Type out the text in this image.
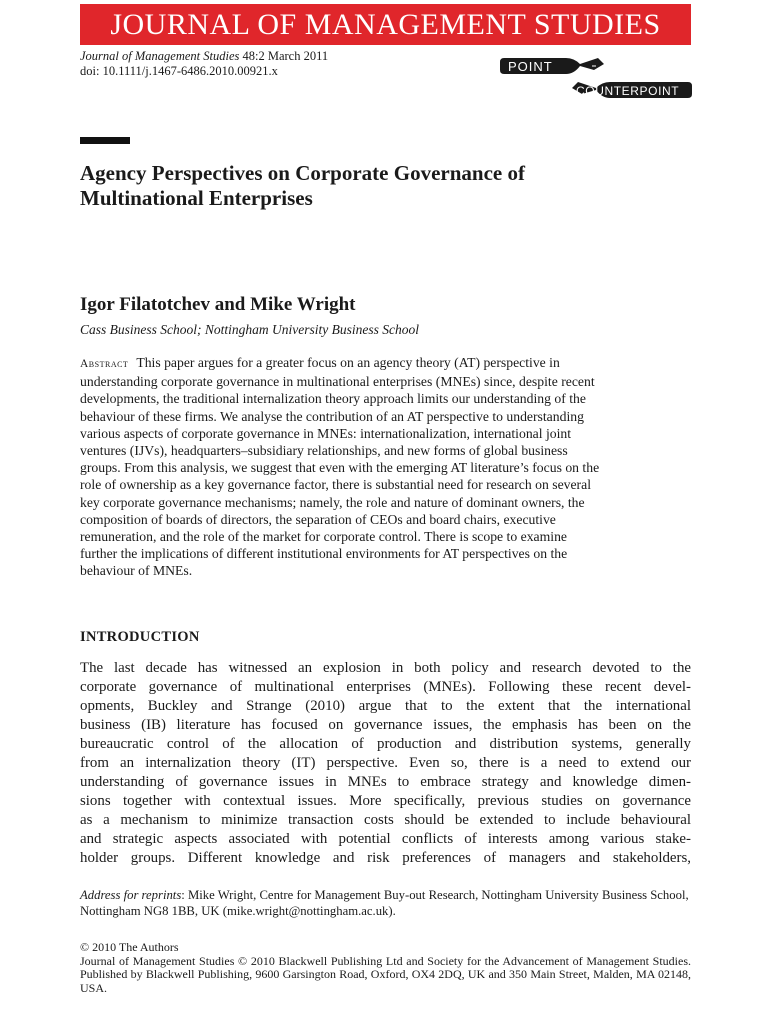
JOURNAL OF MANAGEMENT STUDIES
Journal of Management Studies 48:2 March 2011
doi: 10.1111/j.1467-6486.2010.00921.x	POINT
COUNTERPOINT
Agency Perspectives on Corporate Governance of
Multinational Enterprises
Igor Filatotchev and Mike Wright
Cass Business School; Nottingham University Business School

Abstract This paper argues for a greater focus on an agency theory (AT) perspective in
understanding corporate governance in multinational enterprises (MNEs) since, despite recent
developments, the traditional internalization theory approach limits our understanding of the
behaviour of these firms. We analyse the contribution of an AT perspective to understanding
various aspects of corporate governance in MNEs: internationalization, international joint
ventures (IJVs), headquarters–subsidiary relationships, and new forms of global business
groups. From this analysis, we suggest that even with the emerging AT literature’s focus on the
role of ownership as a key governance factor, there is substantial need for research on several
key corporate governance mechanisms; namely, the role and nature of dominant owners, the
composition of boards of directors, the separation of CEOs and board chairs, executive
remuneration, and the role of the market for corporate control. There is scope to examine
further the implications of different institutional environments for AT perspectives on the
behaviour of MNEs.

INTRODUCTION

The last decade has witnessed an explosion in both policy and research devoted to the
corporate governance of multinational enterprises (MNEs). Following these recent devel-
opments, Buckley and Strange (2010) argue that to the extent that the international
business (IB) literature has focused on governance issues, the emphasis has been on the
bureaucratic control of the allocation of production and distribution systems, generally
from an internalization theory (IT) perspective. Even so, there is a need to extend our
understanding of governance issues in MNEs to embrace strategy and knowledge dimen-
sions together with contextual issues. More specifically, previous studies on governance
as a mechanism to minimize transaction costs should be extended to include behavioural
and strategic aspects associated with potential conflicts of interests among various stake-
holder groups. Different knowledge and risk preferences of managers and stakeholders,

Address for reprints: Mike Wright, Centre for Management Buy-out Research, Nottingham University Business School, Nottingham NG8 1BB, UK (mike.wright@nottingham.ac.uk).

© 2010 The Authors
Journal of Management Studies © 2010 Blackwell Publishing Ltd and Society for the Advancement of Management Studies. Published by Blackwell Publishing, 9600 Garsington Road, Oxford, OX4 2DQ, UK and 350 Main Street, Malden, MA 02148, USA.
